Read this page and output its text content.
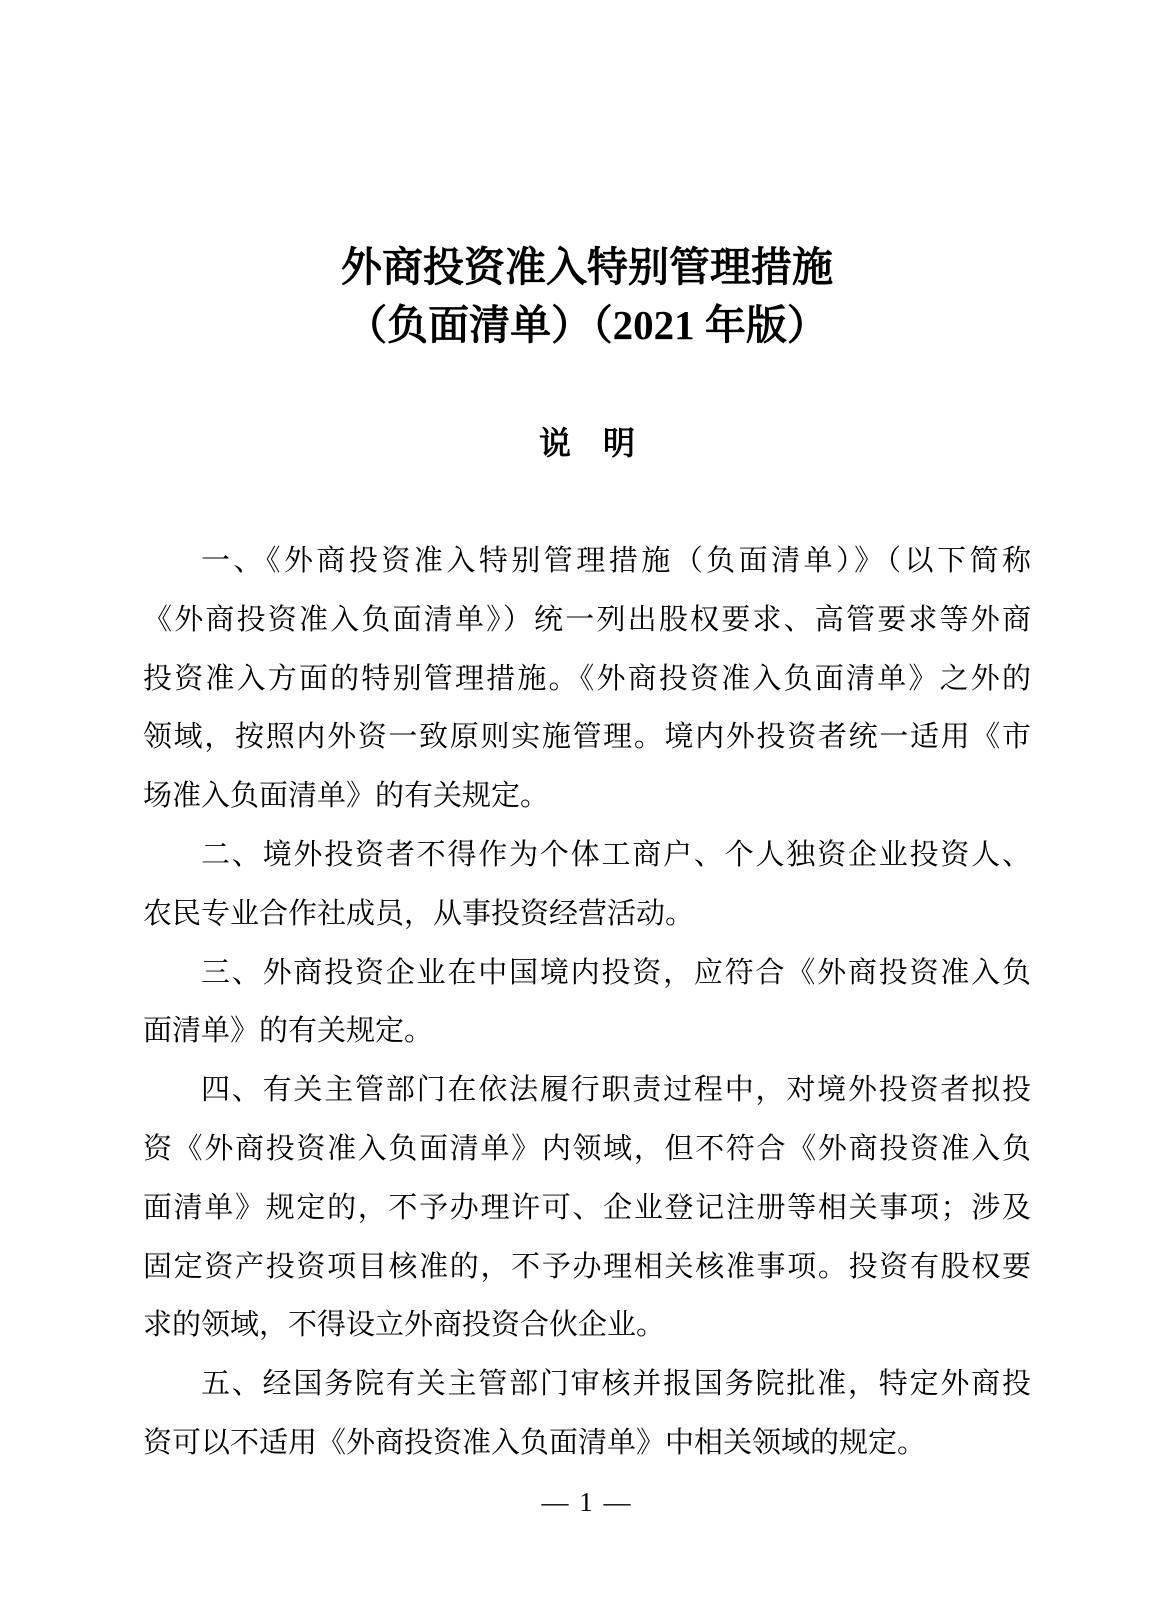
外商投资准入特别管理措施
（负面清单）（2021 年版）
说　明
一、《外商投资准入特别管理措施（负面清单）》（以下简称
《外商投资准入负面清单》）统一列出股权要求、高管要求等外商
投资准入方面的特别管理措施。《外商投资准入负面清单》之外的
领域，按照内外资一致原则实施管理。境内外投资者统一适用《市
场准入负面清单》的有关规定。
二、境外投资者不得作为个体工商户、个人独资企业投资人、
农民专业合作社成员，从事投资经营活动。
三、外商投资企业在中国境内投资，应符合《外商投资准入负
面清单》的有关规定。
四、有关主管部门在依法履行职责过程中，对境外投资者拟投
资《外商投资准入负面清单》内领域，但不符合《外商投资准入负
面清单》规定的，不予办理许可、企业登记注册等相关事项；涉及
固定资产投资项目核准的，不予办理相关核准事项。投资有股权要
求的领域，不得设立外商投资合伙企业。
五、经国务院有关主管部门审核并报国务院批准，特定外商投
资可以不适用《外商投资准入负面清单》中相关领域的规定。
— 1 —
